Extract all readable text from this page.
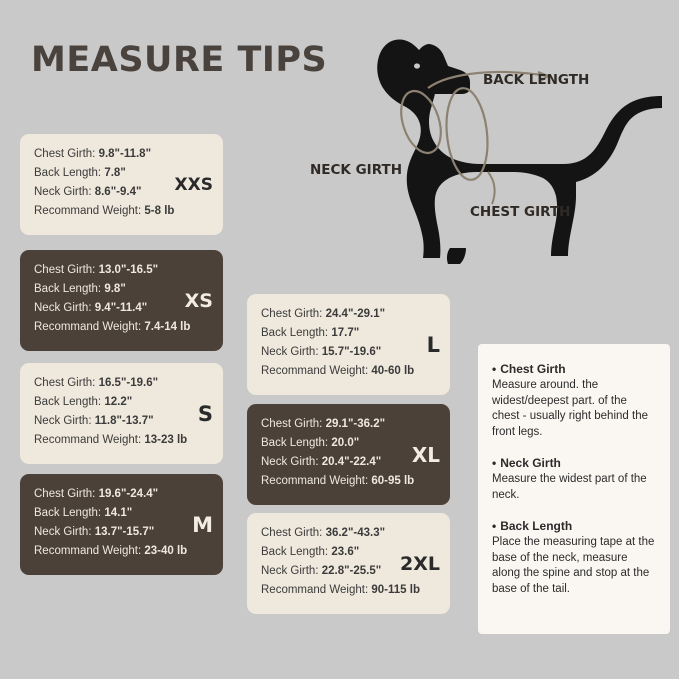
MEASURE TIPS	BACK LENGTH
NECK GIRTH
CHEST GIRTH
Chest Girth: 9.8"-11.8"
Back Length: 7.8"
Neck Girth: 8.6"-9.4"
Recommand Weight: 5-8 lb
XXS
Chest Girth: 13.0"-16.5"
Back Length: 9.8"
Neck Girth: 9.4"-11.4"
Recommand Weight: 7.4-14 lb
XS
Chest Girth: 16.5"-19.6"
Back Length: 12.2"
Neck Girth: 11.8"-13.7"
Recommand Weight: 13-23 lb
S
Chest Girth: 19.6"-24.4"
Back Length: 14.1"
Neck Girth: 13.7"-15.7"
Recommand Weight: 23-40 lb
M
Chest Girth: 24.4"-29.1"
Back Length: 17.7"
Neck Girth: 15.7"-19.6"
Recommand Weight: 40-60 lb
L
Chest Girth: 29.1"-36.2"
Back Length: 20.0"
Neck Girth: 20.4"-22.4"
Recommand Weight: 60-95 lb
XL
Chest Girth: 36.2"-43.3"
Back Length: 23.6"
Neck Girth: 22.8"-25.5"
Recommand Weight: 90-115 lb
2XL
• Chest Girth
Measure around. the widest/deepest part. of the chest - usually right behind the front legs.
• Neck Girth
Measure the widest part of the neck.
• Back Length
Place the measuring tape at the base of the neck, measure along the spine and stop at the base of the tail.
